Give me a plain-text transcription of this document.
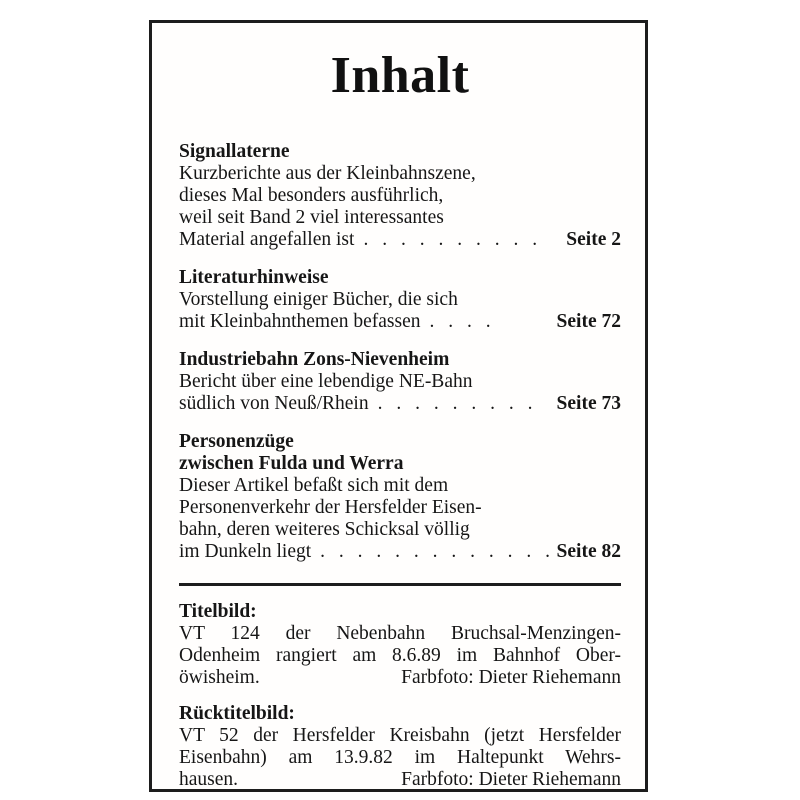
Inhalt
Signallaterne
Kurzberichte aus der Kleinbahnszene,
dieses Mal besonders ausführlich,
weil seit Band 2 viel interessantes
Material angefallen ist . . . . . . . . . . Seite 2
Literaturhinweise
Vorstellung einiger Bücher, die sich
mit Kleinbahnthemen befassen . . . .	Seite 72
Industriebahn Zons-Nievenheim
Bericht über eine lebendige NE-Bahn
südlich von Neuß/Rhein . . . . . . . . . Seite 73
Personenzüge
zwischen Fulda und Werra
Dieser Artikel befaßt sich mit dem
Personenverkehr der Hersfelder Eisen-
bahn, deren weiteres Schicksal völlig
im Dunkeln liegt . . . . . . . . . . . . . Seite 82
Titelbild:
VT 124 der Nebenbahn Bruchsal-Menzingen-
Odenheim rangiert am 8.6.89 im Bahnhof Ober-
öwisheim.	Farbfoto: Dieter Riehemann
Rücktitelbild:
VT 52 der Hersfelder Kreisbahn (jetzt Hersfelder
Eisenbahn) am 13.9.82 im Haltepunkt Wehrs-
hausen.	Farbfoto: Dieter Riehemann
